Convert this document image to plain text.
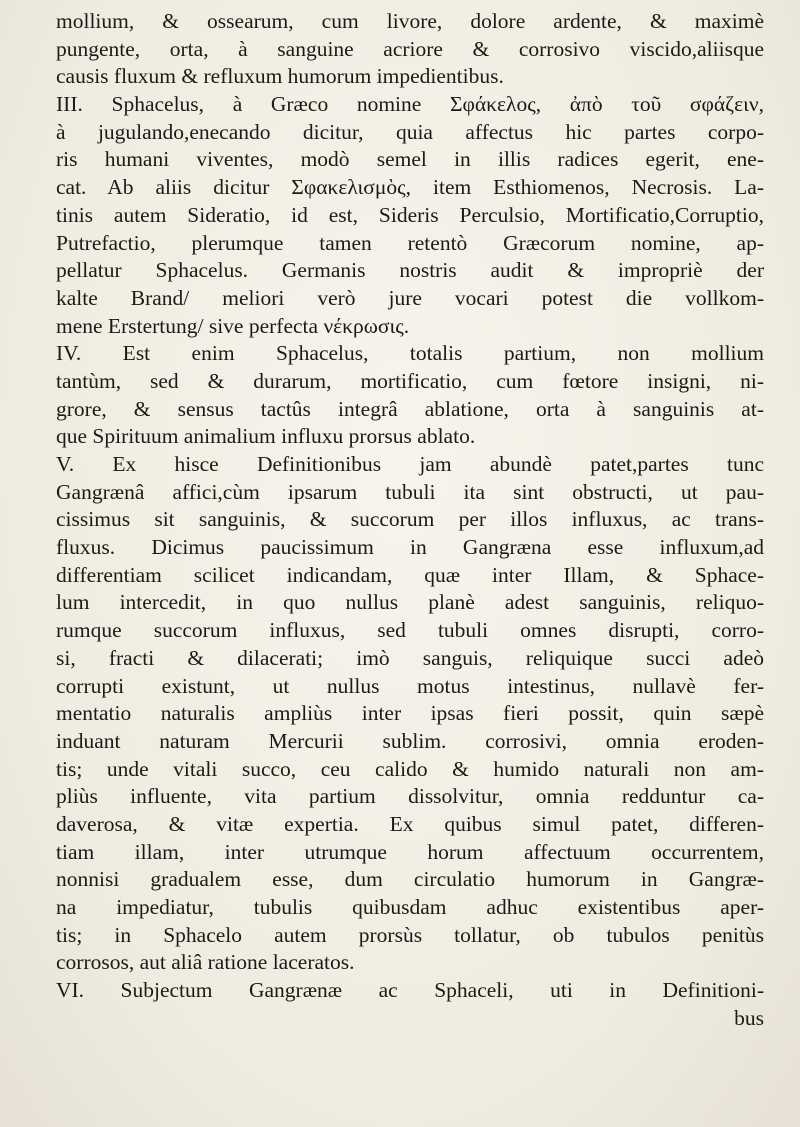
mollium, & ossearum, cum livore, dolore ardente, & maximè
pungente, orta, à sanguine acriore & corrosivo viscido,aliisque
causis fluxum & refluxum humorum impedientibus.
III. Sphacelus, à Græco nomine Σφάκελος, ἀπὸ τοῦ σφάζειν,
à jugulando,enecando dicitur, quia affectus hic partes corpo-
ris humani viventes, modò semel in illis radices egerit, ene-
cat. Ab aliis dicitur Σφακελισμὸς, item Esthiomenos, Necrosis. La-
tinis autem Sideratio, id est, Sideris Perculsio, Mortificatio,Corruptio,
Putrefactio, plerumque tamen retentò Græcorum nomine, ap-
pellatur Sphacelus. Germanis nostris audit & impropriè der
kalte Brand/ meliori verò jure vocari potest die vollkom-
mene Erstertung/ sive perfecta νέκρωσις.
IV. Est enim Sphacelus, totalis partium, non mollium
tantùm, sed & durarum, mortificatio, cum fœtore insigni, ni-
grore, & sensus tactûs integrâ ablatione, orta à sanguinis at-
que Spirituum animalium influxu prorsus ablato.
V. Ex hisce Definitionibus jam abundè patet,partes tunc
Gangrænâ affici,cùm ipsarum tubuli ita sint obstructi, ut pau-
cissimus sit sanguinis, & succorum per illos influxus, ac trans-
fluxus. Dicimus paucissimum in Gangræna esse influxum,ad
differentiam scilicet indicandam, quæ inter Illam, & Sphace-
lum intercedit, in quo nullus planè adest sanguinis, reliquo-
rumque succorum influxus, sed tubuli omnes disrupti, corro-
si, fracti & dilacerati; imò sanguis, reliquique succi adeò
corrupti existunt, ut nullus motus intestinus, nullavè fer-
mentatio naturalis ampliùs inter ipsas fieri possit, quin sæpè
induant naturam Mercurii sublim. corrosivi, omnia eroden-
tis; unde vitali succo, ceu calido & humido naturali non am-
pliùs influente, vita partium dissolvitur, omnia redduntur ca-
daverosa, & vitæ expertia. Ex quibus simul patet, differen-
tiam illam, inter utrumque horum affectuum occurrentem,
nonnisi gradualem esse, dum circulatio humorum in Gangræ-
na impediatur, tubulis quibusdam adhuc existentibus aper-
tis; in Sphacelo autem prorsùs tollatur, ob tubulos penitùs
corrosos, aut aliâ ratione laceratos.
VI. Subjectum Gangrænæ ac Sphaceli, uti in Definitioni-
bus
